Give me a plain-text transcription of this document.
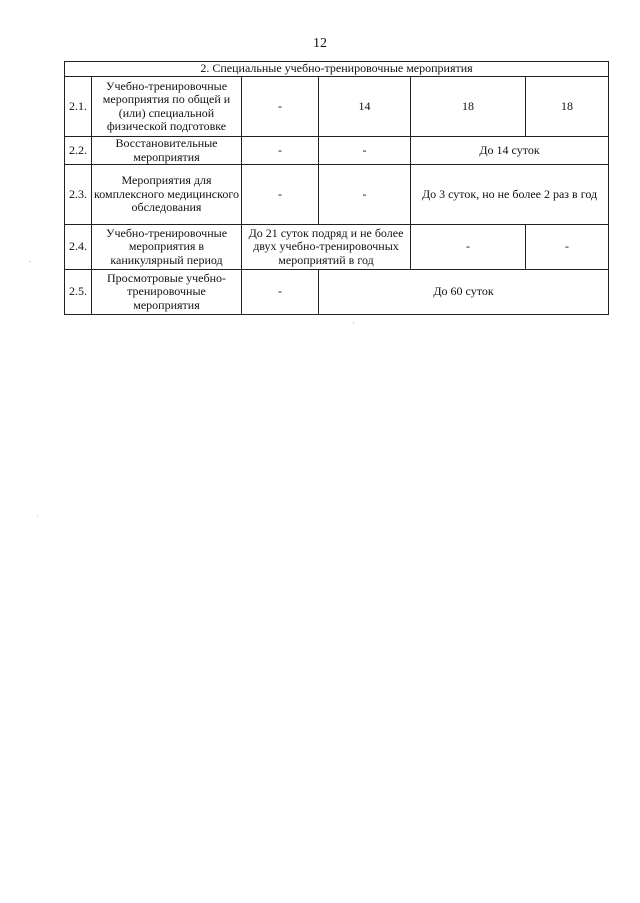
12
2. Специальные учебно-тренировочные мероприятия					
2.1.	Учебно-тренировочные мероприятия по общей и (или) специальной физической подготовке	-	14	18	18
2.2.	Восстановительные мероприятия	-	-	До 14 суток	
2.3.	Мероприятия для комплексного медицинского обследования	-	-	До 3 суток, но не более 2 раз в год	
2.4.	Учебно-тренировочные мероприятия в каникулярный период	До 21 суток подряд и не более двух учебно-тренировочных мероприятий в год		-	-
2.5.	Просмотровые учебно-тренировочные мероприятия	-	До 60 суток		
